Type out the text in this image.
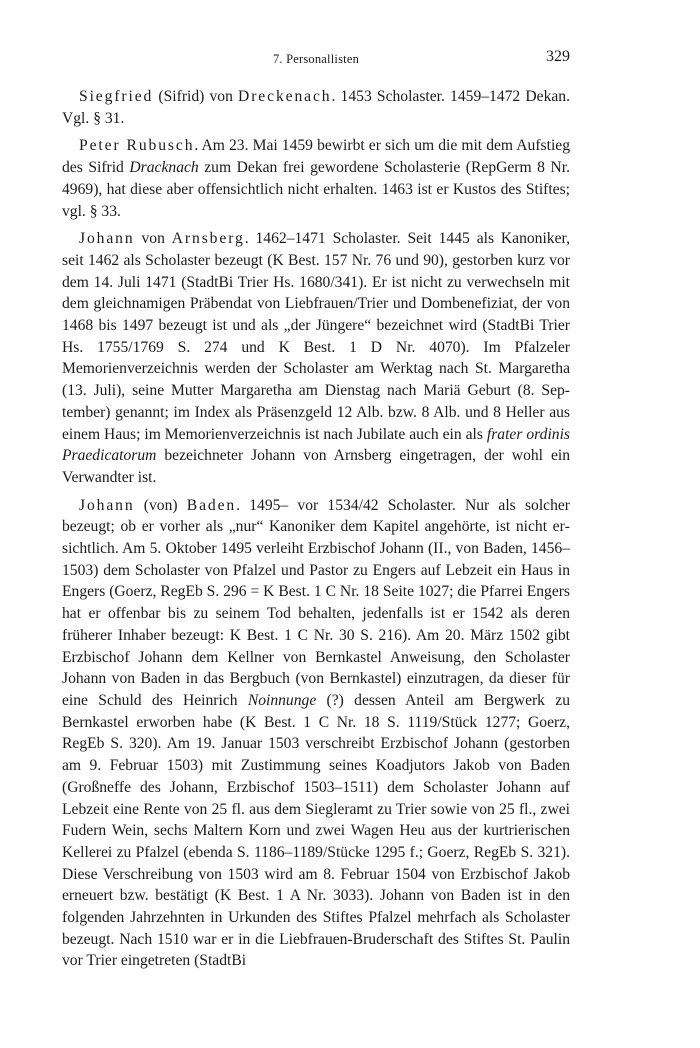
7. Personallisten	329

Siegfried (Sifrid) von Dreckenach. 1453 Scholaster. 1459–1472 Dekan. Vgl. § 31.

Peter Rubusch. Am 23. Mai 1459 bewirbt er sich um die mit dem Aufstieg des Sifrid Dracknach zum Dekan frei gewordene Scholasterie (RepGerm 8 Nr. 4969), hat diese aber offensichtlich nicht erhalten. 1463 ist er Kustos des Stiftes; vgl. § 33.

Johann von Arnsberg. 1462–1471 Scholaster. Seit 1445 als Kanoniker, seit 1462 als Scholaster bezeugt (K Best. 157 Nr. 76 und 90), gestorben kurz vor dem 14. Juli 1471 (StadtBi Trier Hs. 1680/341). Er ist nicht zu verwechseln mit dem gleichnamigen Präbendat von Liebfrauen/Trier und Dombenefiziat, der von 1468 bis 1497 bezeugt ist und als „der Jüngere“ bezeichnet wird (StadtBi Trier Hs. 1755/1769 S. 274 und K Best. 1 D Nr. 4070). Im Pfalzeler Memorienverzeichnis werden der Scholaster am Werktag nach St. Margaretha (13. Juli), seine Mutter Margaretha am Dienstag nach Mariä Geburt (8. September) genannt; im Index als Präsenzgeld 12 Alb. bzw. 8 Alb. und 8 Heller aus einem Haus; im Memorienverzeichnis ist nach Jubilate auch ein als frater ordinis Praedicatorum bezeichneter Johann von Arnsberg eingetragen, der wohl ein Verwandter ist.

Johann (von) Baden. 1495– vor 1534/42 Scholaster. Nur als solcher bezeugt; ob er vorher als „nur“ Kanoniker dem Kapitel angehörte, ist nicht ersichtlich. Am 5. Oktober 1495 verleiht Erzbischof Johann (II., von Baden, 1456–1503) dem Scholaster von Pfalzel und Pastor zu Engers auf Lebzeit ein Haus in Engers (Goerz, RegEb S. 296 = K Best. 1 C Nr. 18 Seite 1027; die Pfarrei Engers hat er offenbar bis zu seinem Tod behalten, jedenfalls ist er 1542 als deren früherer Inhaber bezeugt: K Best. 1 C Nr. 30 S. 216). Am 20. März 1502 gibt Erzbischof Johann dem Kellner von Bernkastel Anweisung, den Scholaster Johann von Baden in das Bergbuch (von Bernkastel) einzutragen, da dieser für eine Schuld des Heinrich Noinnunge (?) dessen Anteil am Bergwerk zu Bernkastel erworben habe (K Best. 1 C Nr. 18 S. 1119/Stück 1277; Goerz, RegEb S. 320). Am 19. Januar 1503 verschreibt Erzbischof Johann (gestorben am 9. Februar 1503) mit Zustimmung seines Koadjutors Jakob von Baden (Großneffe des Johann, Erzbischof 1503–1511) dem Scholaster Johann auf Lebzeit eine Rente von 25 fl. aus dem Siegleramt zu Trier sowie von 25 fl., zwei Fudern Wein, sechs Maltern Korn und zwei Wagen Heu aus der kurtrierischen Kellerei zu Pfalzel (ebenda S. 1186–1189/Stücke 1295 f.; Goerz, RegEb S. 321). Diese Verschreibung von 1503 wird am 8. Februar 1504 von Erzbischof Jakob erneuert bzw. bestätigt (K Best. 1 A Nr. 3033). Johann von Baden ist in den folgenden Jahrzehnten in Urkunden des Stiftes Pfalzel mehrfach als Scholaster bezeugt. Nach 1510 war er in die Liebfrauen-Bruderschaft des Stiftes St. Paulin vor Trier eingetreten (StadtBi
